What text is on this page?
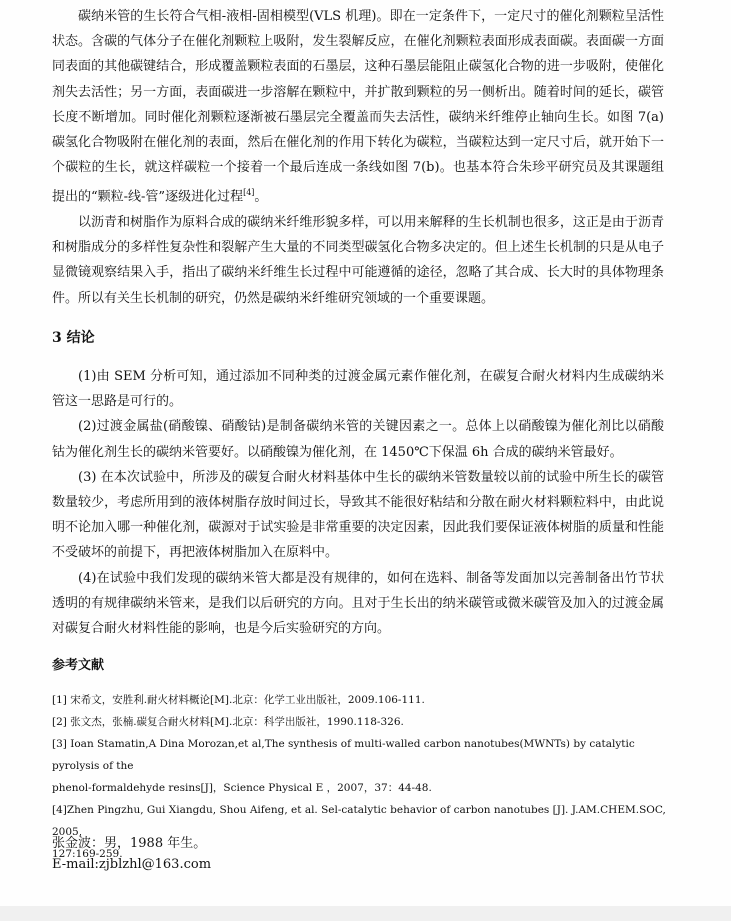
碳纳米管的生长符合气相-液相-固相模型(VLS 机理)。即在一定条件下，一定尺寸的催化剂颗粒呈活性状态。含碳的气体分子在催化剂颗粒上吸附，发生裂解反应，在催化剂颗粒表面形成表面碳。表面碳一方面同表面的其他碳键结合，形成覆盖颗粒表面的石墨层，这种石墨层能阻止碳氢化合物的进一步吸附，使催化剂失去活性；另一方面，表面碳进一步溶解在颗粒中，并扩散到颗粒的另一侧析出。随着时间的延长，碳管长度不断增加。同时催化剂颗粒逐渐被石墨层完全覆盖而失去活性，碳纳米纤维停止轴向生长。如图 7(a)碳氢化合物吸附在催化剂的表面，然后在催化剂的作用下转化为碳粒，当碳粒达到一定尺寸后，就开始下一个碳粒的生长，就这样碳粒一个接着一个最后连成一条线如图 7(b)。也基本符合朱珍平研究员及其课题组提出的“颗粒-线-管”逐级进化过程[4]。

以沥青和树脂作为原料合成的碳纳米纤维形貌多样，可以用来解释的生长机制也很多，这正是由于沥青和树脂成分的多样性复杂性和裂解产生大量的不同类型碳氢化合物多决定的。但上述生长机制的只是从电子显微镜观察结果入手，指出了碳纳米纤维生长过程中可能遵循的途径，忽略了其合成、长大时的具体物理条件。所以有关生长机制的研究，仍然是碳纳米纤维研究领域的一个重要课题。

3 结论

(1)由 SEM 分析可知，通过添加不同种类的过渡金属元素作催化剂，在碳复合耐火材料内生成碳纳米管这一思路是可行的。

(2)过渡金属盐(硝酸镍、硝酸钴)是制备碳纳米管的关键因素之一。总体上以硝酸镍为催化剂比以硝酸钴为催化剂生长的碳纳米管要好。以硝酸镍为催化剂，在 1450℃下保温 6h 合成的碳纳米管最好。

(3) 在本次试验中，所涉及的碳复合耐火材料基体中生长的碳纳米管数量较以前的试验中所生长的碳管数量较少，考虑所用到的液体树脂存放时间过长，导致其不能很好粘结和分散在耐火材料颗粒料中，由此说明不论加入哪一种催化剂，碳源对于试实验是非常重要的决定因素，因此我们要保证液体树脂的质量和性能不受破坏的前提下，再把液体树脂加入在原料中。

(4)在试验中我们发现的碳纳米管大都是没有规律的，如何在选料、制备等发面加以完善制备出竹节状透明的有规律碳纳米管来，是我们以后研究的方向。且对于生长出的纳米碳管或微米碳管及加入的过渡金属对碳复合耐火材料性能的影响，也是今后实验研究的方向。

参考文献

[1] 宋希文，安胜利.耐火材料概论[M].北京：化学工业出版社，2009.106-111.

[2] 张文杰，张楠.碳复合耐火材料[M].北京：科学出版社，1990.118-326.

[3] Ioan Stamatin,A Dina Morozan,et al,The synthesis of multi-walled carbon nanotubes(MWNTs) by catalytic pyrolysis of the

phenol-formaldehyde resins[J]，Science Physical E ，2007，37：44-48.

[4]Zhen Pingzhu, Gui Xiangdu, Shou Aifeng, et al. Sel-catalytic behavior of carbon nanotubes [J]. J.AM.CHEM.SOC, 2005,

127:169-259.

张金波：男，1988 年生。

E-mail:zjblzhl@163.com
